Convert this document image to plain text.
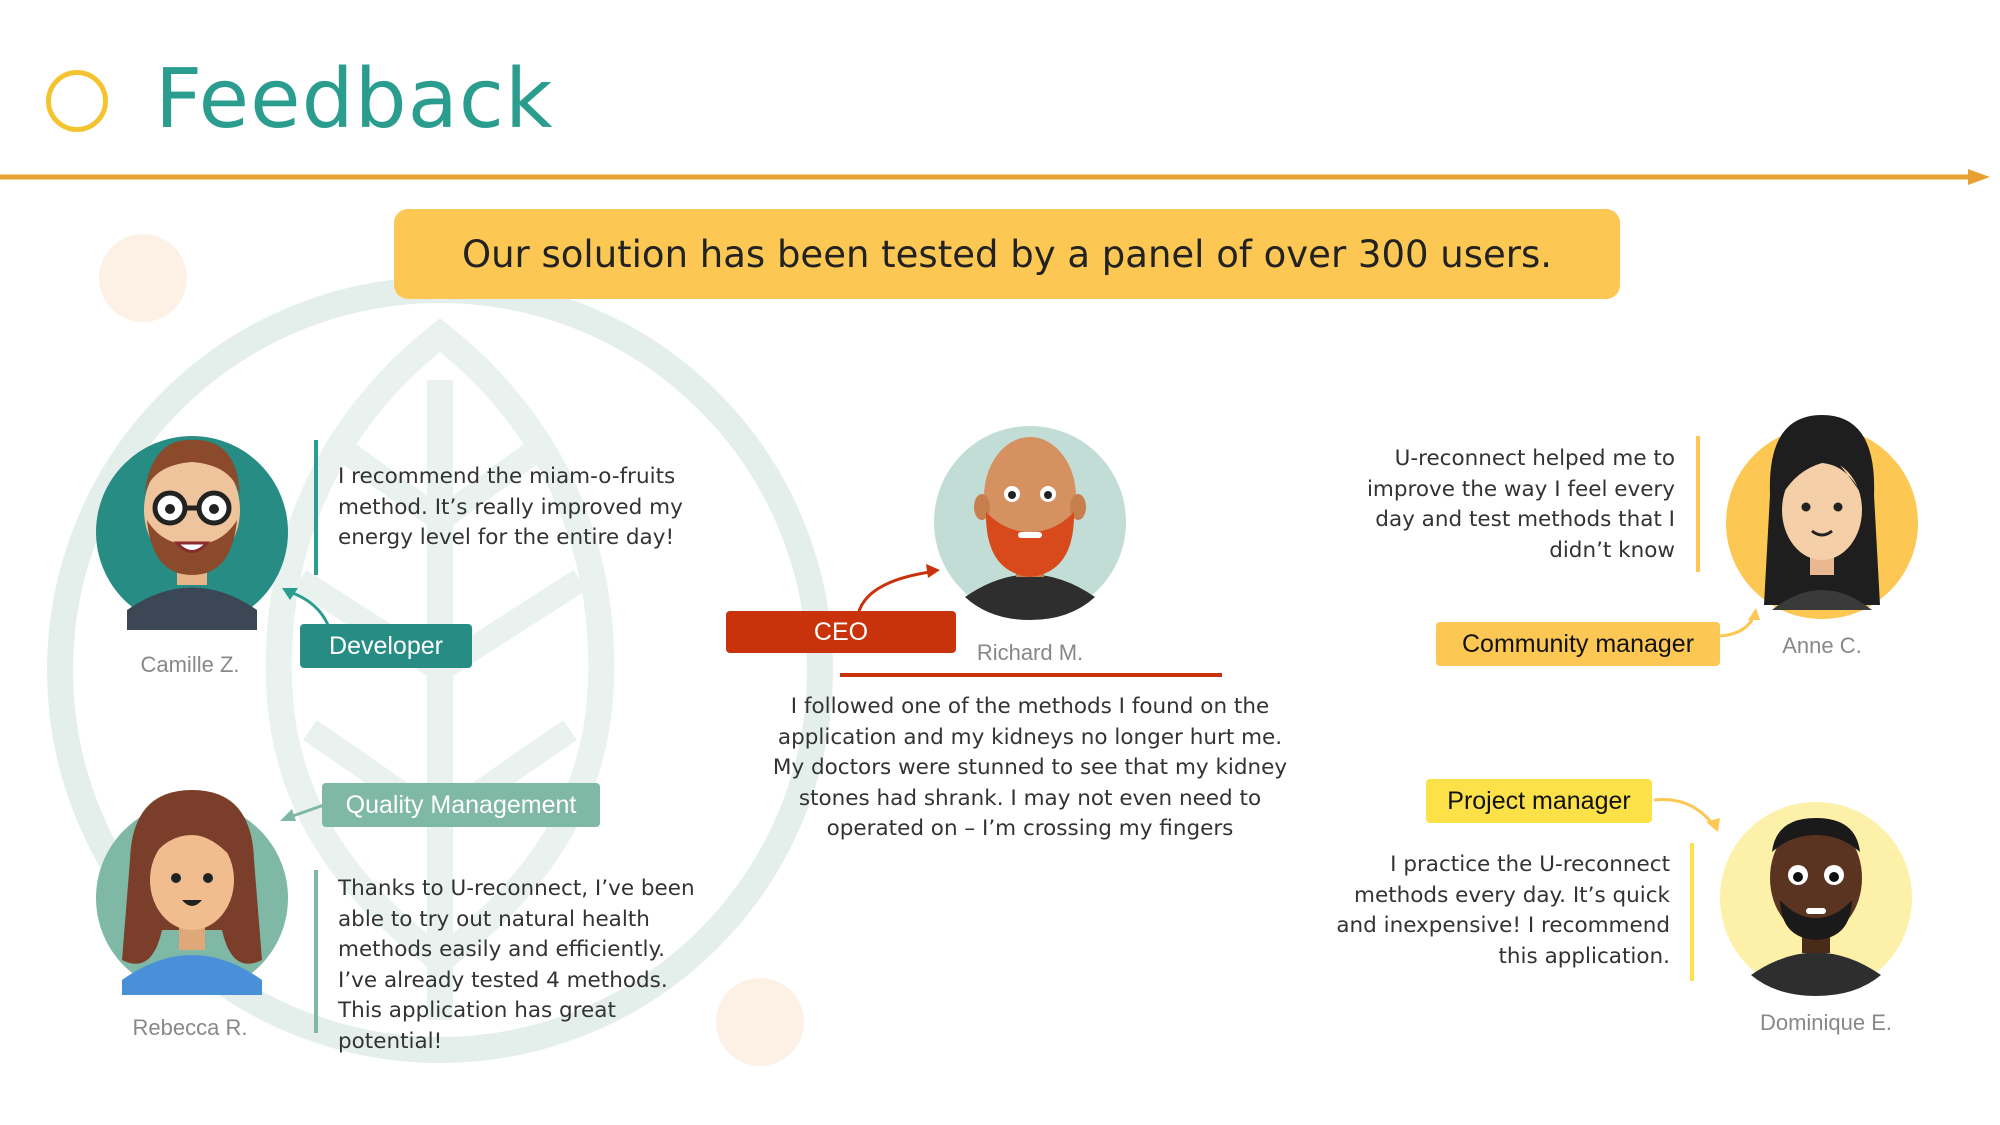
Feedback
Our solution has been tested by a panel of over 300 users.
Camille Z.
I recommend the miam-o-fruits method. It’s really improved my energy level for the entire day!
Developer
Rebecca R.
Quality Management
Thanks to U-reconnect, I’ve been able to try out natural health methods easily and efficiently. I’ve already tested 4 methods. This application has great potential!
CEO
Richard M.
I followed one of the methods I found on the application and my kidneys no longer hurt me. My doctors were stunned to see that my kidney stones had shrank. I may not even need to operated on – I’m crossing my fingers
U-reconnect helped me to improve the way I feel every day and test methods that I didn’t know
Community manager	Anne C.
Project manager
I practice the U-reconnect methods every day. It’s quick and inexpensive! I recommend this application.
Dominique E.
